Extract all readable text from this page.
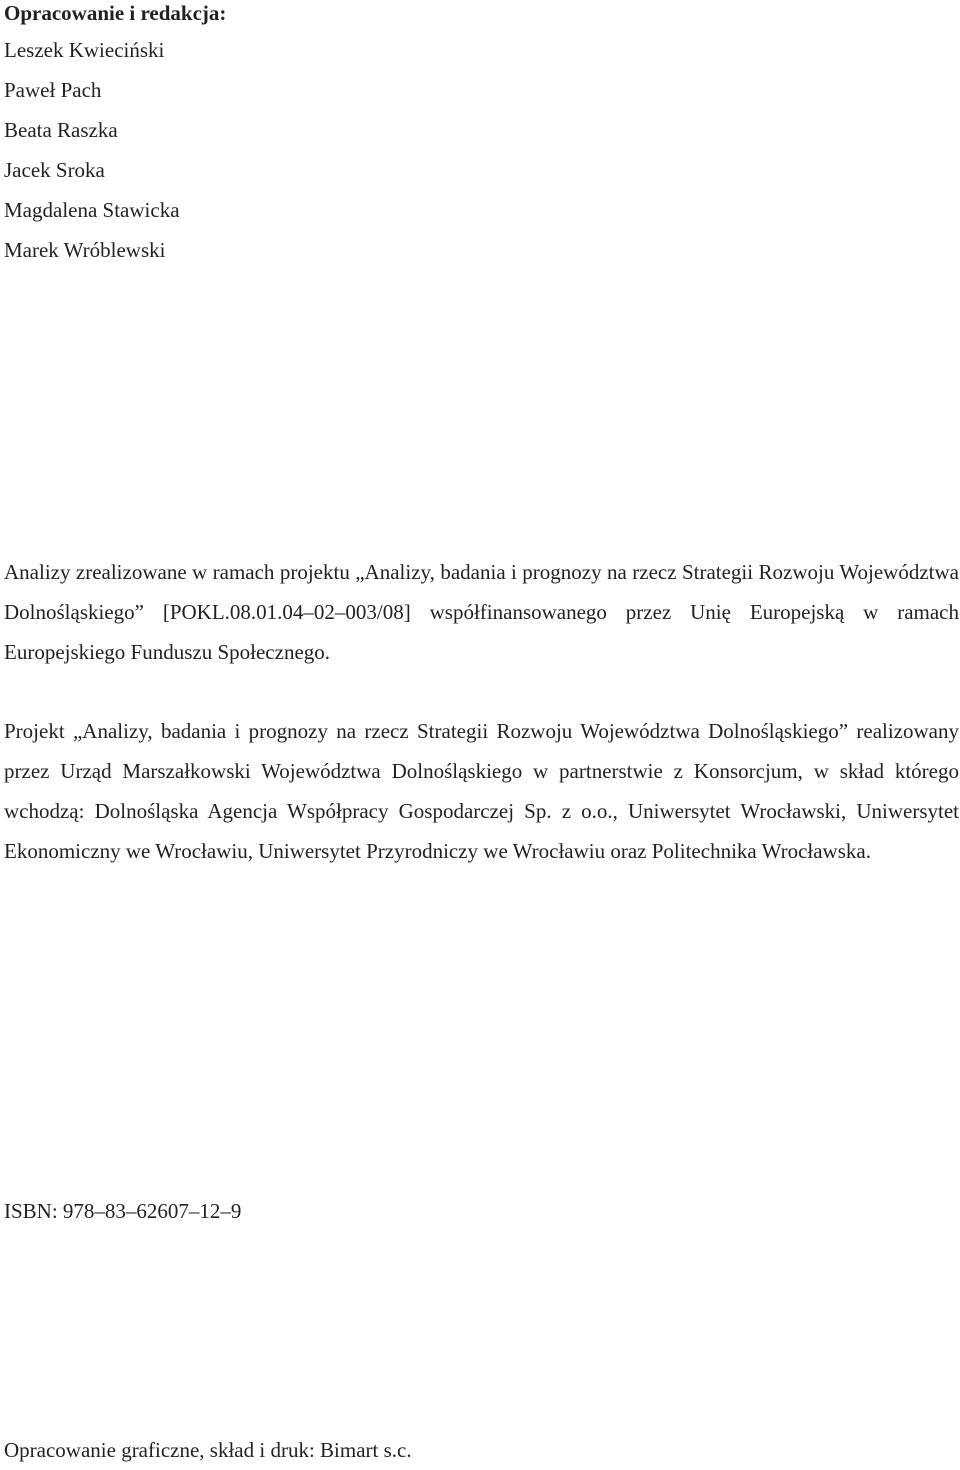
Opracowanie i redakcja:
Leszek Kwieciński
Paweł Pach
Beata Raszka
Jacek Sroka
Magdalena Stawicka
Marek Wróblewski

Analizy zrealizowane w ramach projektu „Analizy, badania i prognozy na rzecz Strategii Rozwoju Województwa Dolnośląskiego” [POKL.08.01.04–02–003/08] współfinansowanego przez Unię Europejską w ramach Europejskiego Funduszu Społecznego.

Projekt „Analizy, badania i prognozy na rzecz Strategii Rozwoju Województwa Dolnośląskiego” realizowany przez Urząd Marszałkowski Województwa Dolnośląskiego w partnerstwie z Konsorcjum, w skład którego wchodzą: Dolnośląska Agencja Współpracy Gospodarczej Sp. z o.o., Uniwersytet Wrocławski, Uniwersytet Ekonomiczny we Wrocławiu, Uniwersytet Przyrodniczy we Wrocławiu oraz Politechnika Wrocławska.

ISBN: 978–83–62607–12–9

Opracowanie graficzne, skład i druk: Bimart s.c.
